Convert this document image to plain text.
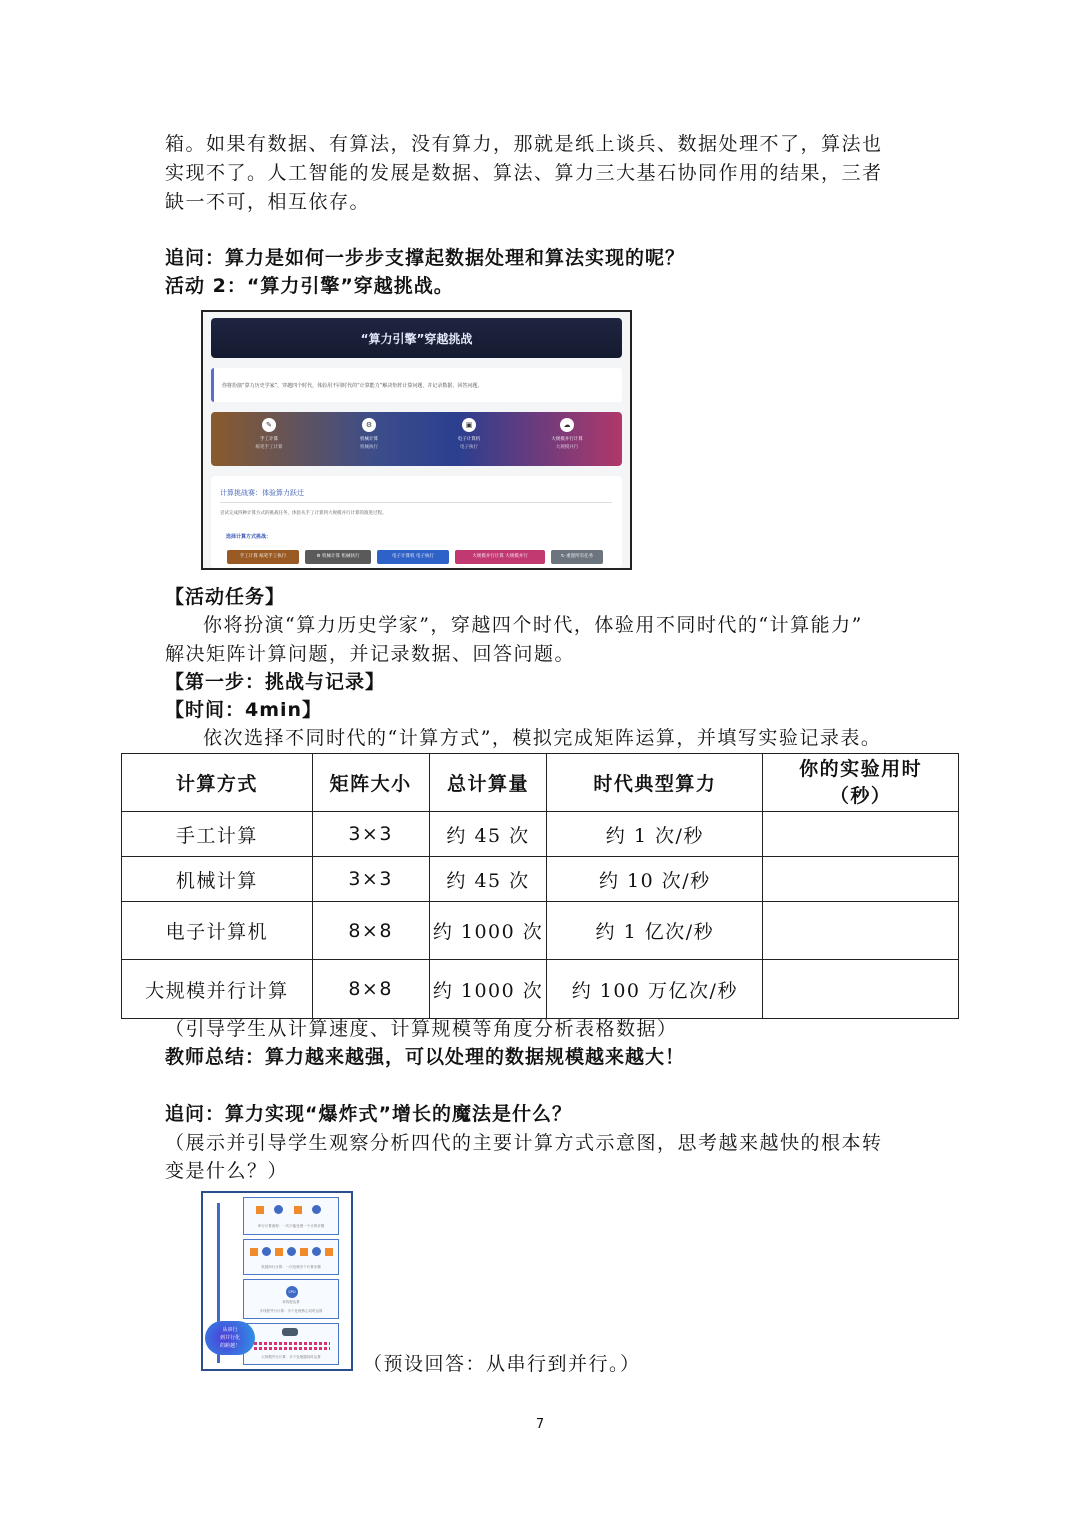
箱。如果有数据、有算法，没有算力，那就是纸上谈兵、数据处理不了，算法也
实现不了。人工智能的发展是数据、算法、算力三大基石协同作用的结果，三者
缺一不可，相互依存。
追问：算力是如何一步步支撑起数据处理和算法实现的呢？
活动 2：“算力引擎”穿越挑战。
“算力引擎”穿越挑战
你将扮演“算力历史学家”，穿越四个时代，体验用不同时代的“计算能力”解决矩阵计算问题，并记录数据、回答问题。
✎
手工计算
纸笔手工计算
⚙
机械计算
机械执行
▣
电子计算机
电子执行
☁
大规模并行计算
大规模并行
计算挑战赛：体验算力跃迁
尝试完成四种计算方式的挑战任务，体验从手工计算到大规模并行计算的演进过程。
选择计算方式挑战：
手工计算 纸笔手工执行	⚙ 机械计算 机械执行	电子计算机 电子执行	大规模并行计算 大规模并行	↻ 重置所有任务
【活动任务】
你将扮演“算力历史学家”，穿越四个时代，体验用不同时代的“计算能力”
解决矩阵计算问题，并记录数据、回答问题。
【第一步：挑战与记录】
【时间：4min】
依次选择不同时代的“计算方式”，模拟完成矩阵运算，并填写实验记录表。
计算方式	矩阵大小	总计算量	时代典型算力	你的实验用时
（秒）
手工计算	3×3	约 45 次	约 1 次/秒	
机械计算	3×3	约 45 次	约 10 次/秒	
电子计算机	8×8	约 1000 次	约 1 亿次/秒	
大规模并行计算	8×8	约 1000 次	约 100 万亿次/秒	
（引导学生从计算速度、计算规模等角度分析表格数据）
教师总结：算力越来越强，可以处理的数据规模越来越大！
追问：算力实现“爆炸式”增长的魔法是什么？
（展示并引导学生观察分析四代的主要计算方式示意图，思考越来越快的根本转
变是什么？）
串行计算流程：一次只能处理一个计算步骤
机械串行计算：一次处理多个计算步骤
CPU
单线程运算
多线程并行计算：多个处理核心同时运算
大规模并行计算：多个处理器同时运算
从串行
到并行化
的跨越！
（预设回答：从串行到并行。）
7
